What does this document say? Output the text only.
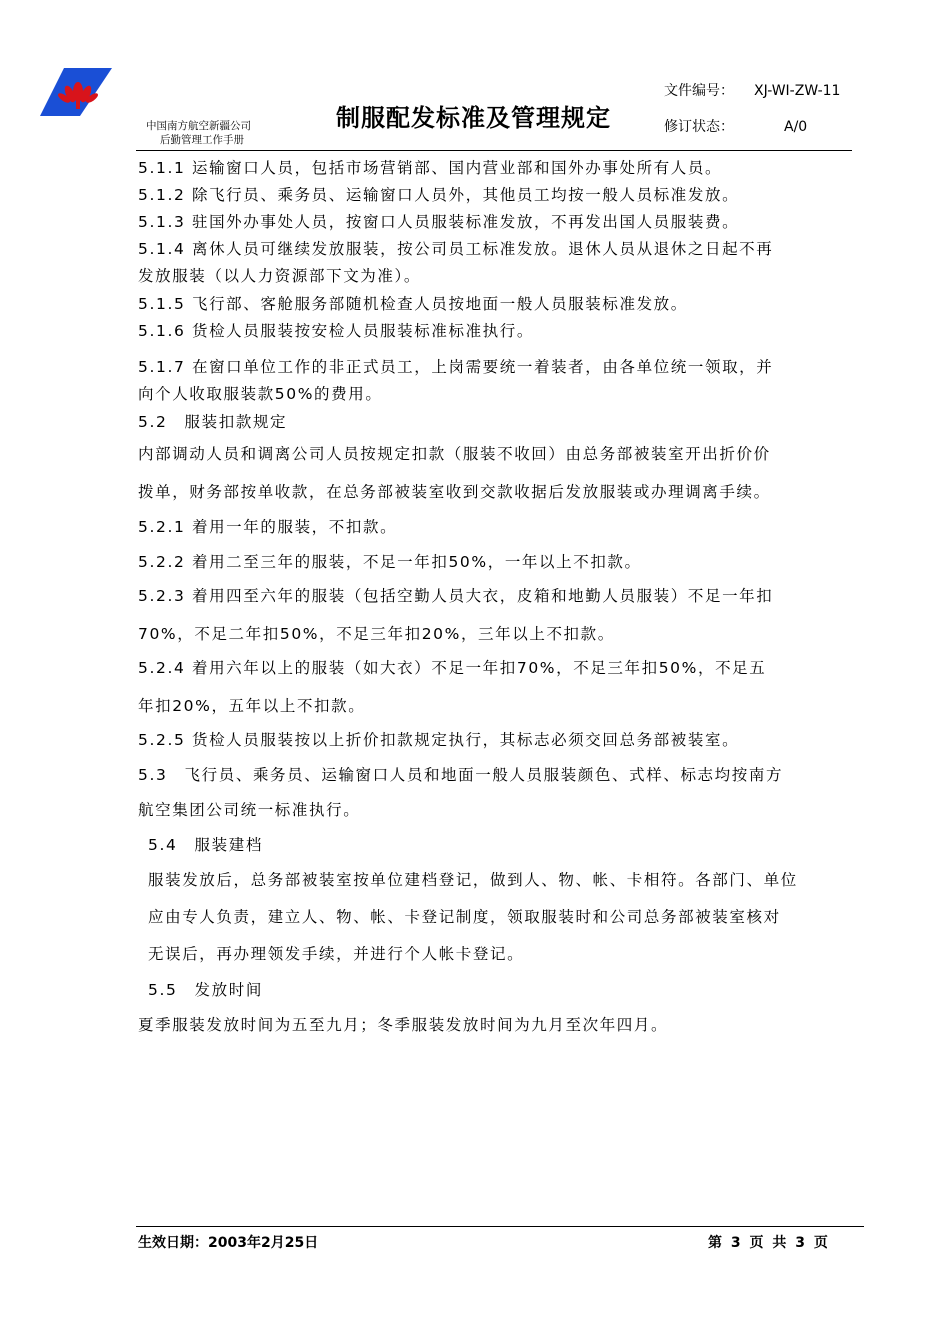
中国南方航空新疆公司
后勤管理工作手册
制服配发标准及管理规定
文件编号： XJ-WI-ZW-11
修订状态：	A/0
5.1.1 运输窗口人员，包括市场营销部、国内营业部和国外办事处所有人员。
5.1.2 除飞行员、乘务员、运输窗口人员外，其他员工均按一般人员标准发放。
5.1.3 驻国外办事处人员，按窗口人员服装标准发放，不再发出国人员服装费。
5.1.4 离休人员可继续发放服装，按公司员工标准发放。退休人员从退休之日起不再
发放服装（以人力资源部下文为准）。
5.1.5 飞行部、客舱服务部随机检查人员按地面一般人员服装标准发放。
5.1.6 货检人员服装按安检人员服装标准标准执行。
5.1.7 在窗口单位工作的非正式员工，上岗需要统一着装者，由各单位统一领取，并
向个人收取服装款50%的费用。
5.2　服装扣款规定
内部调动人员和调离公司人员按规定扣款（服装不收回）由总务部被装室开出折价价
拨单，财务部按单收款，在总务部被装室收到交款收据后发放服装或办理调离手续。
5.2.1 着用一年的服装，不扣款。
5.2.2 着用二至三年的服装，不足一年扣50%，一年以上不扣款。
5.2.3 着用四至六年的服装（包括空勤人员大衣，皮箱和地勤人员服装）不足一年扣
70%，不足二年扣50%，不足三年扣20%，三年以上不扣款。
5.2.4 着用六年以上的服装（如大衣）不足一年扣70%，不足三年扣50%，不足五
年扣20%，五年以上不扣款。
5.2.5 货检人员服装按以上折价扣款规定执行，其标志必须交回总务部被装室。
5.3　飞行员、乘务员、运输窗口人员和地面一般人员服装颜色、式样、标志均按南方
航空集团公司统一标准执行。
5.4　服装建档
服装发放后，总务部被装室按单位建档登记，做到人、物、帐、卡相符。各部门、单位
应由专人负责，建立人、物、帐、卡登记制度，领取服装时和公司总务部被装室核对
无误后，再办理领发手续，并进行个人帐卡登记。
5.5　发放时间
夏季服装发放时间为五至九月；冬季服装发放时间为九月至次年四月。
生效日期：2003年2月25日	第 3 页 共 3 页
